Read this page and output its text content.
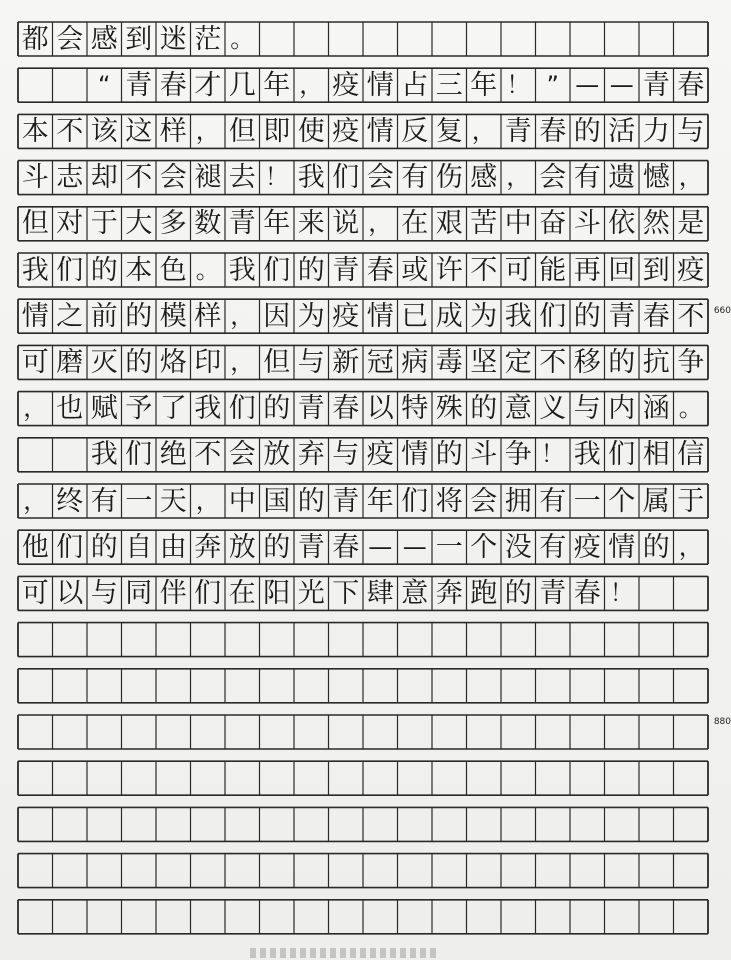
都 会 感 到 迷 茫 。
“ 青 春 才 几 年 ， 疫 情 占 三 年 ！ ” — — 青 春
本 不 该 这 样 ， 但 即 使 疫 情 反 复 ， 青 春 的 活 力 与
斗 志 却 不 会 褪 去 ！ 我 们 会 有 伤 感 ， 会 有 遗 憾 ，
但 对 于 大 多 数 青 年 来 说 ， 在 艰 苦 中 奋 斗 依 然 是
我 们 的 本 色 。 我 们 的 青 春 或 许 不 可 能 再 回 到 疫
情 之 前 的 模 样 ， 因 为 疫 情 已 成 为 我 们 的 青 春 不
可 磨 灭 的 烙 印 ， 但 与 新 冠 病 毒 坚 定 不 移 的 抗 争
， 也 赋 予 了 我 们 的 青 春 以 特 殊 的 意 义 与 内 涵 。
我 们 绝 不 会 放 弃 与 疫 情 的 斗 争 ！ 我 们 相 信
， 终 有 一 天 ， 中 国 的 青 年 们 将 会 拥 有 一 个 属 于
他 们 的 自 由 奔 放 的 青 春 — — 一 个 没 有 疫 情 的 ，
可 以 与 同 伴 们 在 阳 光 下 肆 意 奔 跑 的 青 春 ！
660
880
